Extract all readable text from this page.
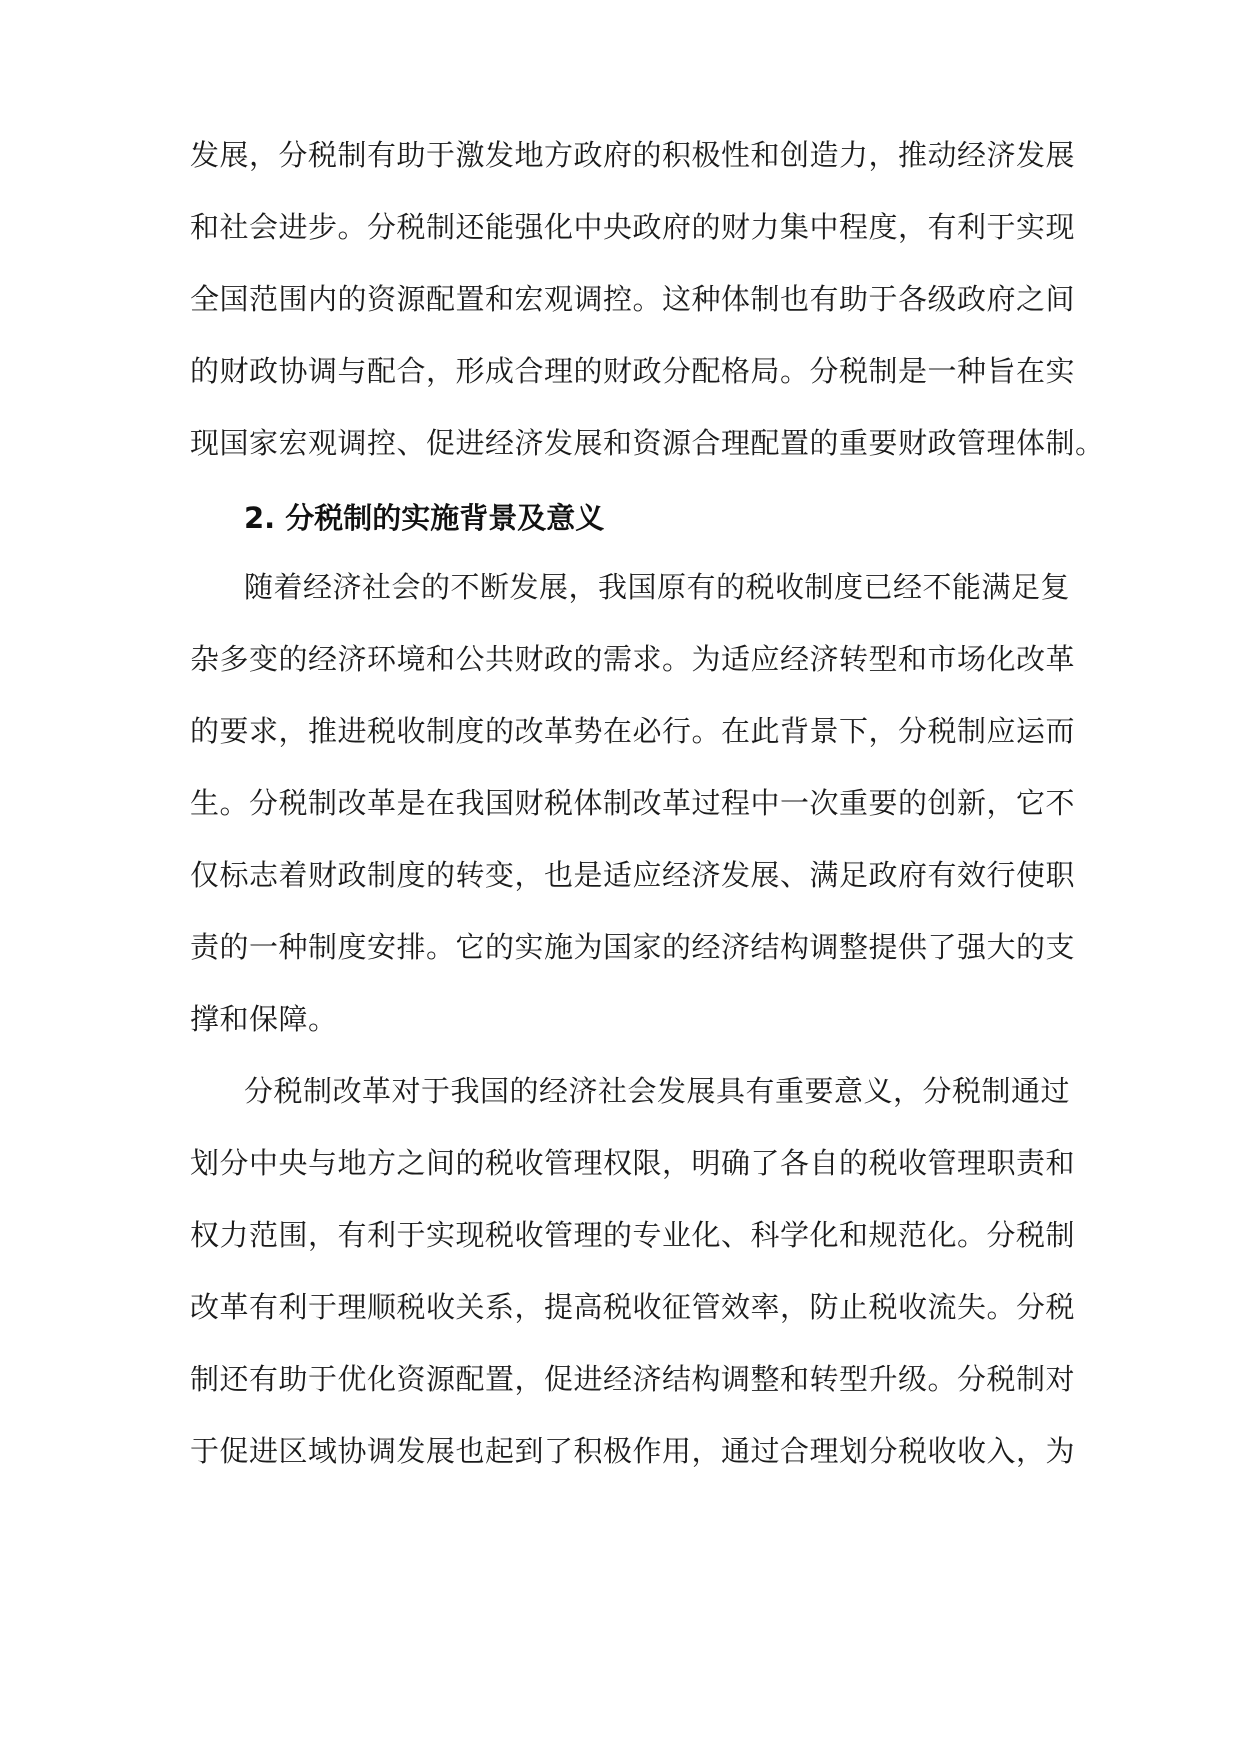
发展，分税制有助于激发地方政府的积极性和创造力，推动经济发展
和社会进步。分税制还能强化中央政府的财力集中程度，有利于实现
全国范围内的资源配置和宏观调控。这种体制也有助于各级政府之间
的财政协调与配合，形成合理的财政分配格局。分税制是一种旨在实
现国家宏观调控、促进经济发展和资源合理配置的重要财政管理体制。
2. 分税制的实施背景及意义
随着经济社会的不断发展，我国原有的税收制度已经不能满足复
杂多变的经济环境和公共财政的需求。为适应经济转型和市场化改革
的要求，推进税收制度的改革势在必行。在此背景下，分税制应运而
生。分税制改革是在我国财税体制改革过程中一次重要的创新，它不
仅标志着财政制度的转变，也是适应经济发展、满足政府有效行使职
责的一种制度安排。它的实施为国家的经济结构调整提供了强大的支
撑和保障。
分税制改革对于我国的经济社会发展具有重要意义，分税制通过
划分中央与地方之间的税收管理权限，明确了各自的税收管理职责和
权力范围，有利于实现税收管理的专业化、科学化和规范化。分税制
改革有利于理顺税收关系，提高税收征管效率，防止税收流失。分税
制还有助于优化资源配置，促进经济结构调整和转型升级。分税制对
于促进区域协调发展也起到了积极作用，通过合理划分税收收入，为
